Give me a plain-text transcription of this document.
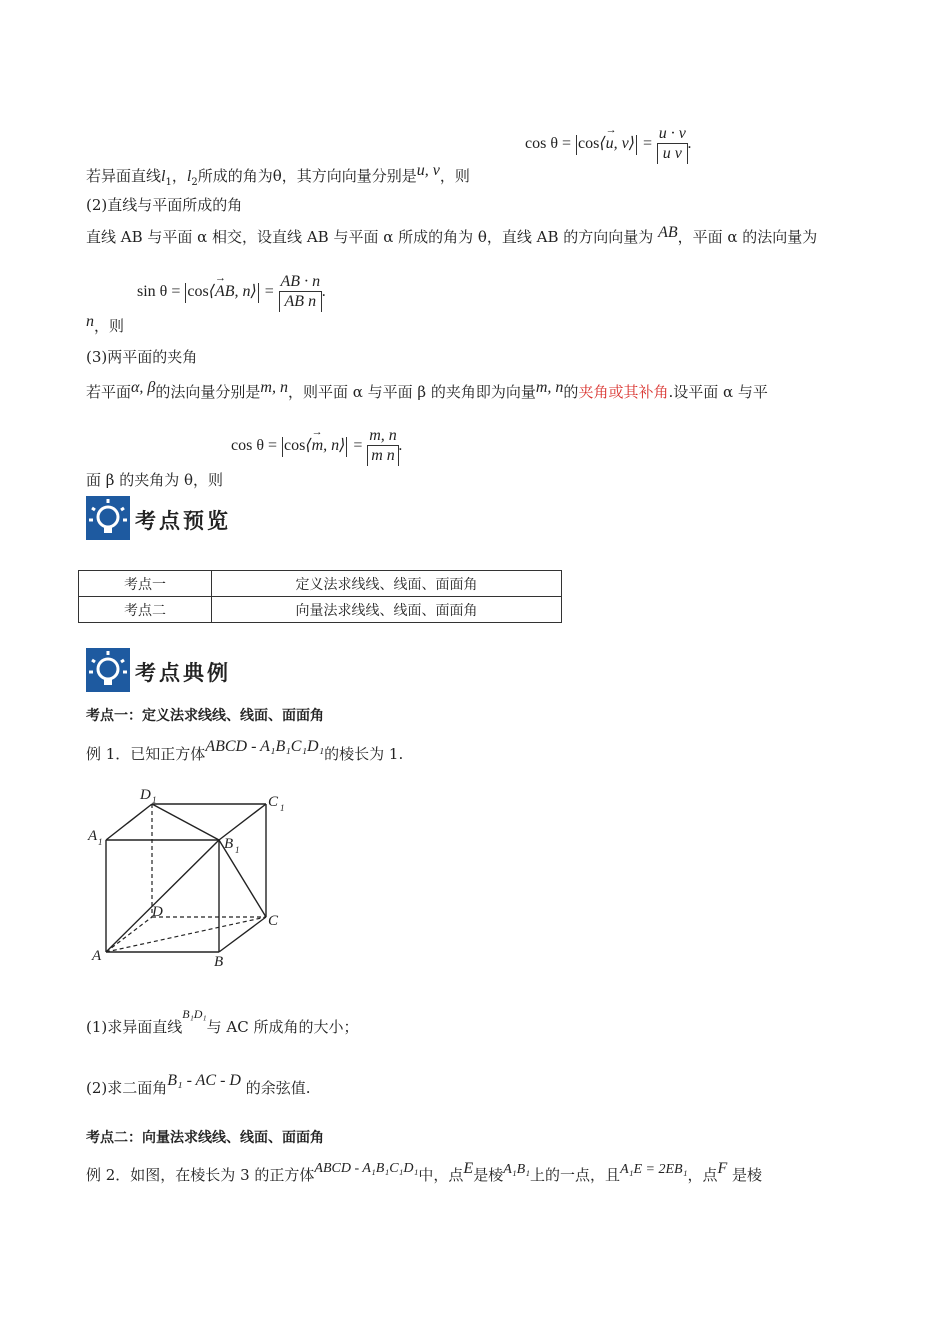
cos θ = cos⟨→ u, v⟩ = $\frac{u \cdot v}{\text{u v}}$ .
若异面直线$l_1$，$l_2$所成的角为θ，其方向向量分别是u, v，则
(2)直线与平面所成的角
直线 AB 与平面 α 相交，设直线 AB 与平面 α 所成的角为 θ，直线 AB 的方向向量为 AB，平面 α 的法向量为
sin θ = cos⟨→ AB, n⟩ = $\frac{AB \cdot n}{\text{AB n}}$ .
n，则
(3)两平面的夹角
若平面α, β的法向量分别是m, n，则平面 α 与平面 β 的夹角即为向量m, n的夹角或其补角.设平面 α 与平
cos θ = cos⟨→ m, n⟩ = $\frac{m, n}{\text{m n}}$ .
面 β 的夹角为 θ，则
考点预览
考点一	定义法求线线、线面、面面角
考点二	向量法求线线、线面、面面角
考点典例
考点一：定义法求线线、线面、面面角
例 1．已知正方体ABCD - A₁B₁C₁D₁的棱长为 1.
D 1	C 1
A 1	B 1
D
C
A	B
(1)求异面直线$^{B_1D_1}$与 AC 所成角的大小；
(2)求二面角B₁ - AC - D 的余弦值.
考点二：向量法求线线、线面、面面角
例 2．如图，在棱长为 3 的正方体ABCD - A₁B₁C₁D₁中，点E是棱A₁B₁上的一点，且A₁E = 2EB₁，点F 是棱
